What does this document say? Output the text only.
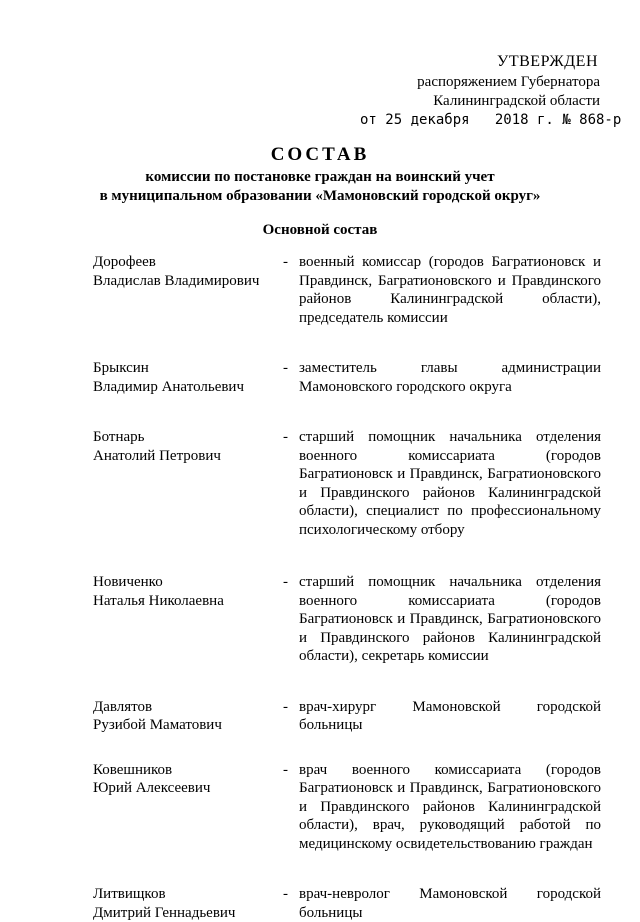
УТВЕРЖДЕН
распоряжением Губернатора
Калининградской области
от 25 декабря   2018 г. № 868-р
СОСТАВ
комиссии по постановке граждан на воинский учет
в муниципальном образовании «Мамоновский городской округ»
Основной состав
Дорофеев
Владислав Владимирович
- военный комиссар (городов Багратионовск и Правдинск, Багратионовского и Правдинского районов Калининградской области), председатель комиссии
Брыксин
Владимир Анатольевич
- заместитель главы администрации Мамоновского городского округа
Ботнарь
Анатолий Петрович
- старший помощник начальника отделения военного комиссариата (городов Багратионовск и Правдинск, Багратионовского и Правдинского районов Калининградской области), специалист по профессиональному психологическому отбору
Новиченко
Наталья Николаевна
- старший помощник начальника отделения военного комиссариата (городов Багратионовск и Правдинск, Багратионовского и Правдинского районов Калининградской области), секретарь комиссии
Давлятов
Рузибой Маматович
- врач-хирург Мамоновской городской больницы
Ковешников
Юрий Алексеевич
- врач военного комиссариата (городов Багратионовск и Правдинск, Багратионовского и Правдинского районов Калининградской области), врач, руководящий работой по медицинскому освидетельствованию граждан
Литвищков
Дмитрий Геннадьевич
- врач-невролог Мамоновской городской больницы
